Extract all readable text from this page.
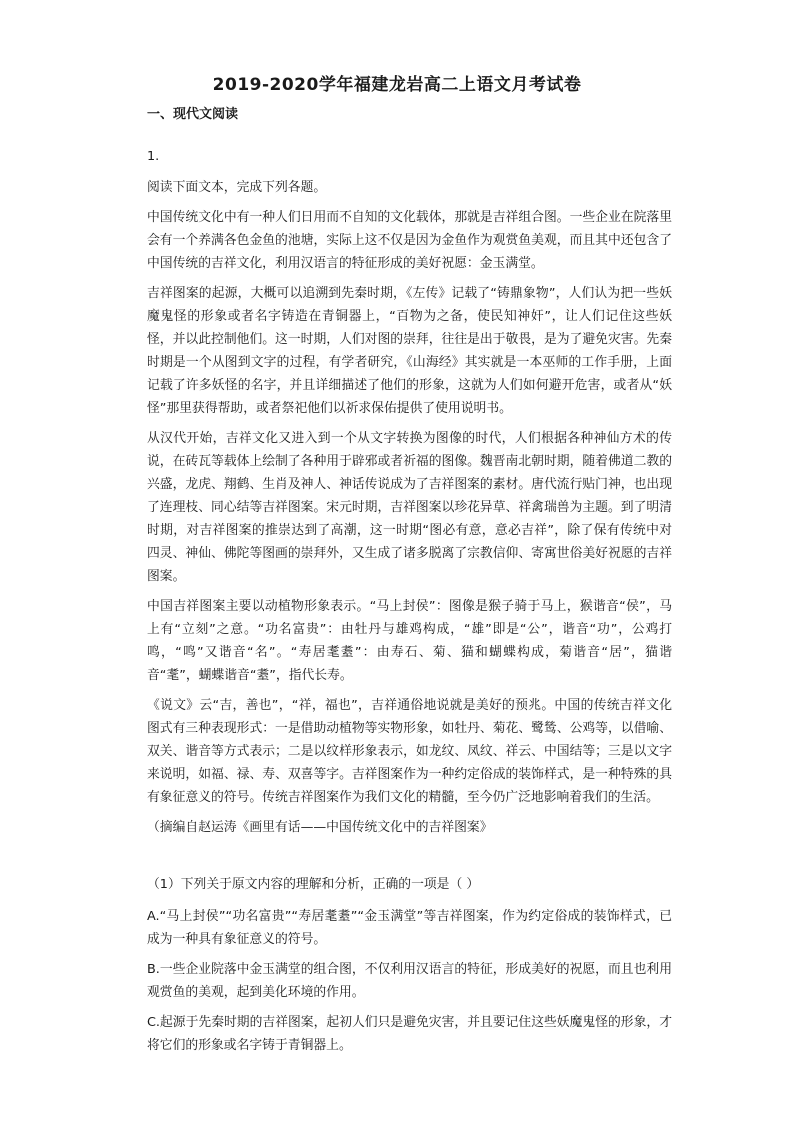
2019-2020学年福建龙岩高二上语文月考试卷
一、现代文阅读

1.

阅读下面文本，完成下列各题。

中国传统文化中有一种人们日用而不自知的文化载体，那就是吉祥组合图。一些企业在院落里会有一个养满各色金鱼的池塘，实际上这不仅是因为金鱼作为观赏鱼美观，而且其中还包含了中国传统的吉祥文化，利用汉语言的特征形成的美好祝愿：金玉满堂。

吉祥图案的起源，大概可以追溯到先秦时期，《左传》记载了“铸鼎象物”，人们认为把一些妖魔鬼怪的形象或者名字铸造在青铜器上，“百物为之备，使民知神奸”，让人们记住这些妖怪，并以此控制他们。这一时期，人们对图的崇拜，往往是出于敬畏，是为了避免灾害。先秦时期是一个从图到文字的过程，有学者研究，《山海经》其实就是一本巫师的工作手册，上面记载了许多妖怪的名字，并且详细描述了他们的形象，这就为人们如何避开危害，或者从“妖怪”那里获得帮助，或者祭祀他们以祈求保佑提供了使用说明书。

从汉代开始，吉祥文化又进入到一个从文字转换为图像的时代，人们根据各种神仙方术的传说，在砖瓦等载体上绘制了各种用于辟邪或者祈福的图像。魏晋南北朝时期，随着佛道二教的兴盛，龙虎、翔鹤、生肖及神人、神话传说成为了吉祥图案的素材。唐代流行贴门神，也出现了连理枝、同心结等吉祥图案。宋元时期，吉祥图案以珍花异草、祥禽瑞兽为主题。到了明清时期，对吉祥图案的推崇达到了高潮，这一时期“图必有意，意必吉祥”，除了保有传统中对四灵、神仙、佛陀等图画的崇拜外，又生成了诸多脱离了宗教信仰、寄寓世俗美好祝愿的吉祥图案。

中国吉祥图案主要以动植物形象表示。“马上封侯”：图像是猴子骑于马上，猴谐音“侯”，马上有“立刻”之意。“功名富贵”：由牡丹与雄鸡构成，“雄”即是“公”，谐音“功”，公鸡打鸣，“鸣”又谐音“名”。“寿居耄耋”：由寿石、菊、猫和蝴蝶构成，菊谐音“居”，猫谐音“耄”，蝴蝶谐音“耋”，指代长寿。

《说文》云“吉，善也”，“祥，福也”，吉祥通俗地说就是美好的预兆。中国的传统吉祥文化图式有三种表现形式：一是借助动植物等实物形象，如牡丹、菊花、鹭鸶、公鸡等，以借喻、双关、谐音等方式表示；二是以纹样形象表示，如龙纹、凤纹、祥云、中国结等；三是以文字来说明，如福、禄、寿、双喜等字。吉祥图案作为一种约定俗成的装饰样式，是一种特殊的具有象征意义的符号。传统吉祥图案作为我们文化的精髓，至今仍广泛地影响着我们的生活。

（摘编自赵运涛《画里有话——中国传统文化中的吉祥图案》

（1）下列关于原文内容的理解和分析，正确的一项是（ ）

A.“马上封侯”“功名富贵”“寿居耄耋”“金玉满堂”等吉祥图案，作为约定俗成的装饰样式，已成为一种具有象征意义的符号。

B.一些企业院落中金玉满堂的组合图，不仅利用汉语言的特征，形成美好的祝愿，而且也利用观赏鱼的美观，起到美化环境的作用。

C.起源于先秦时期的吉祥图案，起初人们只是避免灾害，并且要记住这些妖魔鬼怪的形象，才将它们的形象或名字铸于青铜器上。
